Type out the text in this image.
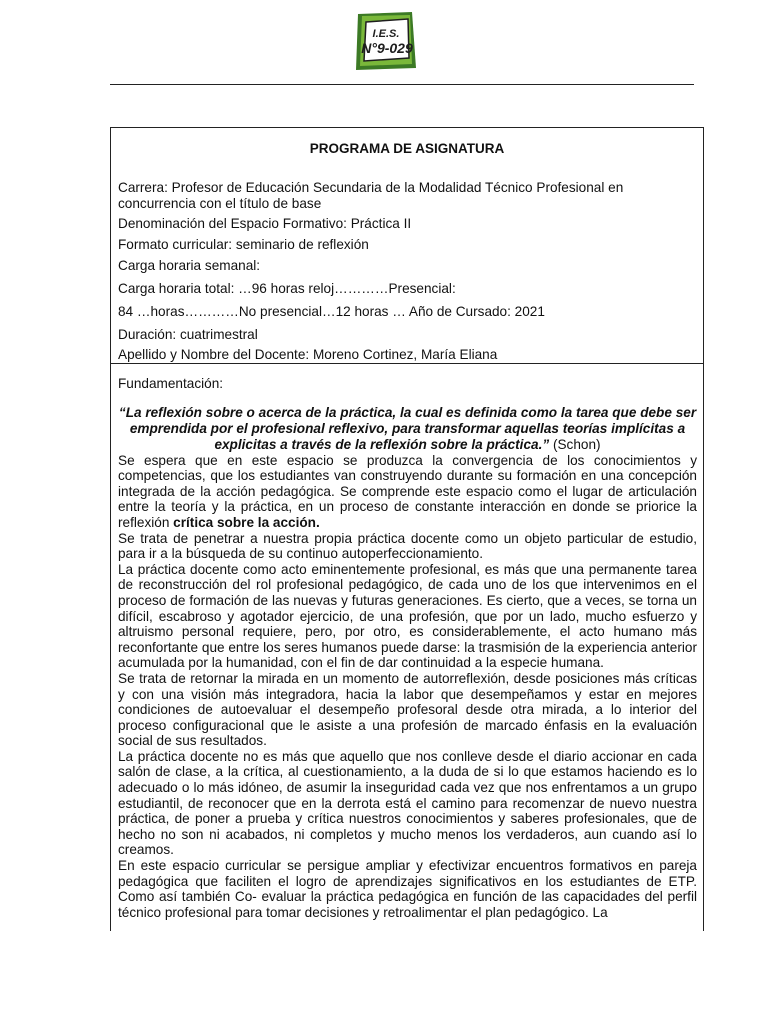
I.E.S.
N°9-029
PROGRAMA DE ASIGNATURA
Carrera: Profesor de Educación Secundaria de la Modalidad Técnico Profesional en
concurrencia con el título de base
Denominación del Espacio Formativo: Práctica II
Formato curricular: seminario de reflexión
Carga horaria semanal:
Carga horaria total: …96 horas reloj…………Presencial:
84 …horas…………No presencial…12 horas … Año de Cursado: 2021
Duración: cuatrimestral
Apellido y Nombre del Docente: Moreno Cortinez, María Eliana

Fundamentación:

“La reflexión sobre o acerca de la práctica, la cual es definida como la tarea que debe ser emprendida por el profesional reflexivo, para transformar aquellas teorías implícitas a explicitas a través de la reflexión sobre la práctica.” (Schon)

Se espera que en este espacio se produzca la convergencia de los conocimientos y competencias, que los estudiantes van construyendo durante su formación en una concepción integrada de la acción pedagógica. Se comprende este espacio como el lugar de articulación entre la teoría y la práctica, en un proceso de constante interacción en donde se priorice la reflexión crítica sobre la acción.

Se trata de penetrar a nuestra propia práctica docente como un objeto particular de estudio, para ir a la búsqueda de su continuo autoperfeccionamiento.

La práctica docente como acto eminentemente profesional, es más que una permanente tarea de reconstrucción del rol profesional pedagógico, de cada uno de los que intervenimos en el proceso de formación de las nuevas y futuras generaciones. Es cierto, que a veces, se torna un difícil, escabroso y agotador ejercicio, de una profesión, que por un lado, mucho esfuerzo y altruismo personal requiere, pero, por otro, es considerablemente, el acto humano más reconfortante que entre los seres humanos puede darse: la trasmisión de la experiencia anterior acumulada por la humanidad, con el fin de dar continuidad a la especie humana.

Se trata de retornar la mirada en un momento de autorreflexión, desde posiciones más críticas y con una visión más integradora, hacia la labor que desempeñamos y estar en mejores condiciones de autoevaluar el desempeño profesoral desde otra mirada, a lo interior del proceso configuracional que le asiste a una profesión de marcado énfasis en la evaluación social de sus resultados.

La práctica docente no es más que aquello que nos conlleve desde el diario accionar en cada salón de clase, a la crítica, al cuestionamiento, a la duda de si lo que estamos haciendo es lo adecuado o lo más idóneo, de asumir la inseguridad cada vez que nos enfrentamos a un grupo estudiantil, de reconocer que en la derrota está el camino para recomenzar de nuevo nuestra práctica, de poner a prueba y crítica nuestros conocimientos y saberes profesionales, que de hecho no son ni acabados, ni completos y mucho menos los verdaderos, aun cuando así lo creamos.

En este espacio curricular se persigue ampliar y efectivizar encuentros formativos en pareja pedagógica que faciliten el logro de aprendizajes significativos en los estudiantes de ETP. Como así también Co- evaluar la práctica pedagógica en función de las capacidades del perfil técnico profesional para tomar decisiones y retroalimentar el plan pedagógico. La
